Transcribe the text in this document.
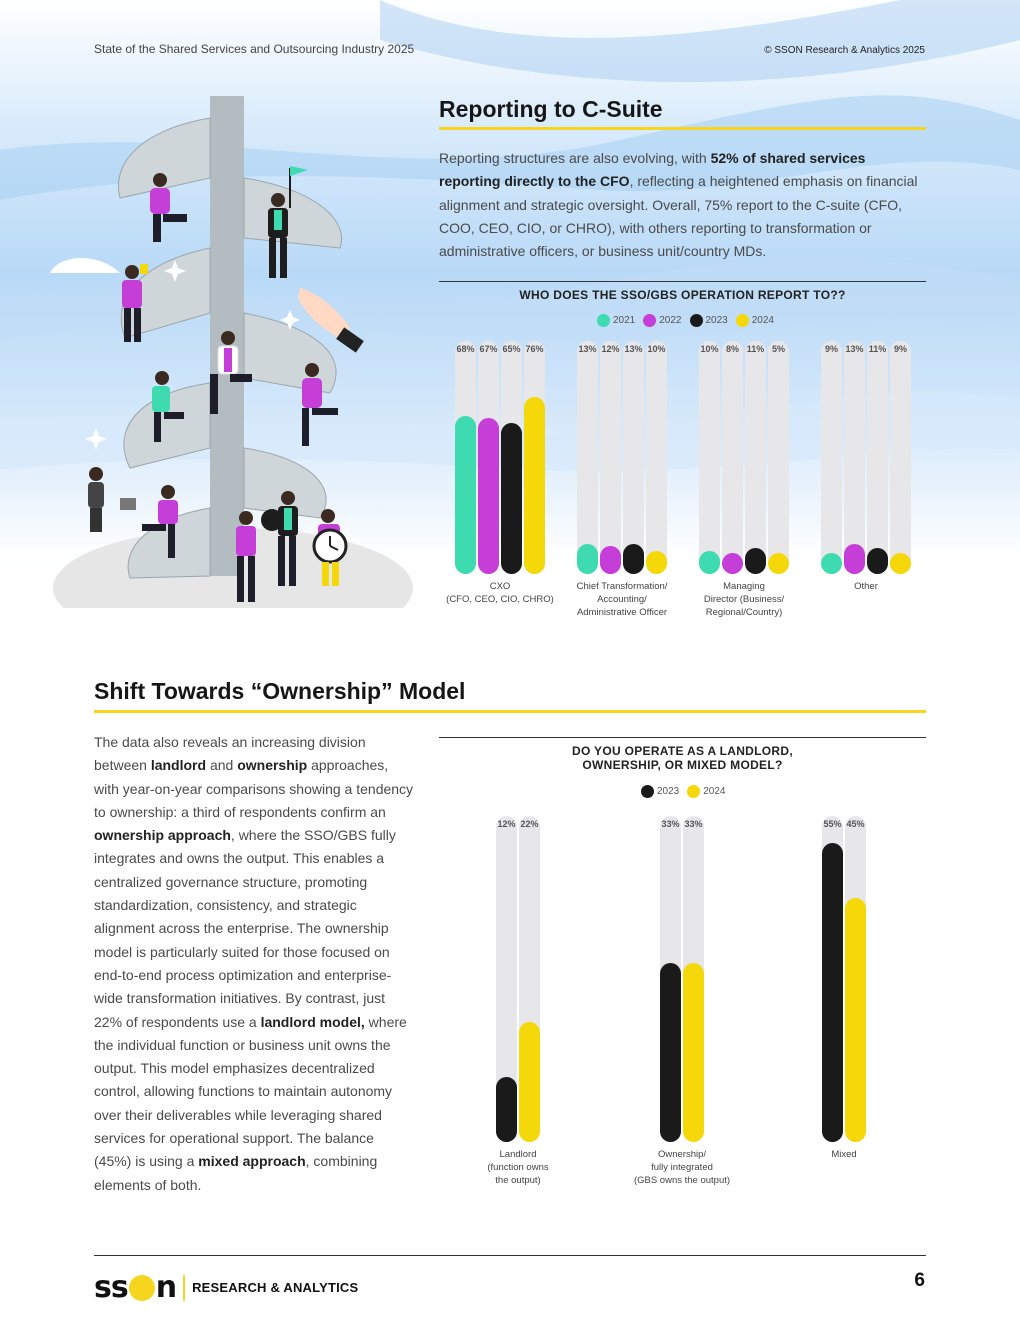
State of the Shared Services and Outsourcing Industry 2025	© SSON Research & Analytics 2025
Reporting to C-Suite
Reporting structures are also evolving, with 52% of shared services reporting directly to the CFO, reflecting a heightened emphasis on financial alignment and strategic oversight. Overall, 75% report to the C-suite (CFO, COO, CEO, CIO, or CHRO), with others reporting to transformation or administrative officers, or business unit/country MDs.
WHO DOES THE SSO/GBS OPERATION REPORT TO??
2021 2022 2023 2024
68% 67% 65% 76%
CXO
(CFO, CEO, CIO, CHRO)
13% 12% 13% 10%
Chief Transformation/
Accounting/
Administrative Officer
10% 8% 11% 5%
Managing
Director (Business/
Regional/Country)
9% 13% 11% 9%
Other
Shift Towards “Ownership” Model
The data also reveals an increasing division between landlord and ownership approaches, with year-on-year comparisons showing a tendency to ownership: a third of respondents confirm an ownership approach, where the SSO/GBS fully integrates and owns the output. This enables a centralized governance structure, promoting standardization, consistency, and strategic alignment across the enterprise. The ownership model is particularly suited for those focused on end-to-end process optimization and enterprise-wide transformation initiatives. By contrast, just 22% of respondents use a landlord model, where the individual function or business unit owns the output. This model emphasizes decentralized control, allowing functions to maintain autonomy over their deliverables while leveraging shared services for operational support. The balance (45%) is using a mixed approach, combining elements of both.
DO YOU OPERATE AS A LANDLORD,
OWNERSHIP, OR MIXED MODEL?
2023 2024
12% 22%
Landlord
(function owns
the output)
33% 33%
Ownership/
fully integrated
(GBS owns the output)
55% 45%
Mixed
ss n RESEARCH & ANALYTICS	6
